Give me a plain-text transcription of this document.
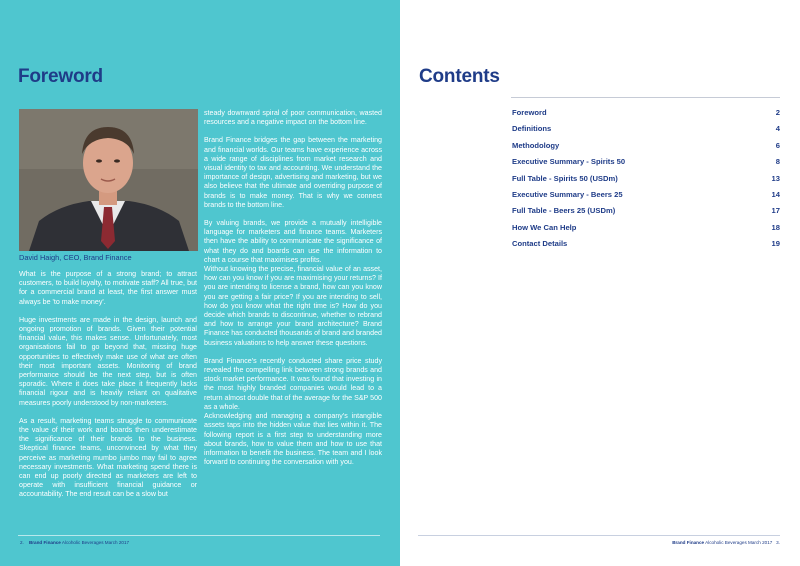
Foreword
David Haigh, CEO, Brand Finance

What is the purpose of a strong brand; to attract customers, to build loyalty, to motivate staff? All true, but for a commercial brand at least, the first answer must always be 'to make money'.

Huge investments are made in the design, launch and ongoing promotion of brands. Given their potential financial value, this makes sense. Unfortunately, most organisations fail to go beyond that, missing huge opportunities to effectively make use of what are often their most important assets. Monitoring of brand performance should be the next step, but is often sporadic. Where it does take place it frequently lacks financial rigour and is heavily reliant on qualitative measures poorly understood by non-marketers.

As a result, marketing teams struggle to communicate the value of their work and boards then underestimate the significance of their brands to the business. Skeptical finance teams, unconvinced by what they perceive as marketing mumbo jumbo may fail to agree necessary investments. What marketing spend there is can end up poorly directed as marketers are left to operate with insufficient financial guidance or accountability. The end result can be a slow but

steady downward spiral of poor communication, wasted resources and a negative impact on the bottom line.

Brand Finance bridges the gap between the marketing and financial worlds. Our teams have experience across a wide range of disciplines from market research and visual identity to tax and accounting. We understand the importance of design, advertising and marketing, but we also believe that the ultimate and overriding purpose of brands is to make money. That is why we connect brands to the bottom line.

By valuing brands, we provide a mutually intelligible language for marketers and finance teams. Marketers then have the ability to communicate the significance of what they do and boards can use the information to chart a course that maximises profits.

Without knowing the precise, financial value of an asset, how can you know if you are maximising your returns? If you are intending to license a brand, how can you know you are getting a fair price? If you are intending to sell, how do you know what the right time is? How do you decide which brands to discontinue, whether to rebrand and how to arrange your brand architecture? Brand Finance has conducted thousands of brand and branded business valuations to help answer these questions.

Brand Finance's recently conducted share price study revealed the compelling link between strong brands and stock market performance. It was found that investing in the most highly branded companies would lead to a return almost double that of the average for the S&P 500 as a whole.

Acknowledging and managing a company's intangible assets taps into the hidden value that lies within it. The following report is a first step to understanding more about brands, how to value them and how to use that information to benefit the business. The team and I look forward to continuing the conversation with you.

2. Brand Finance Alcoholic Beverages March 2017
Contents
Foreword	2
Definitions	4
Methodology	6
Executive Summary - Spirits 50	8
Full Table - Spirits 50 (USDm)	13
Executive Summary - Beers 25	14
Full Table - Beers 25 (USDm)	17
How We Can Help	18
Contact Details	19
Brand Finance Alcoholic Beverages March 2017 3.
